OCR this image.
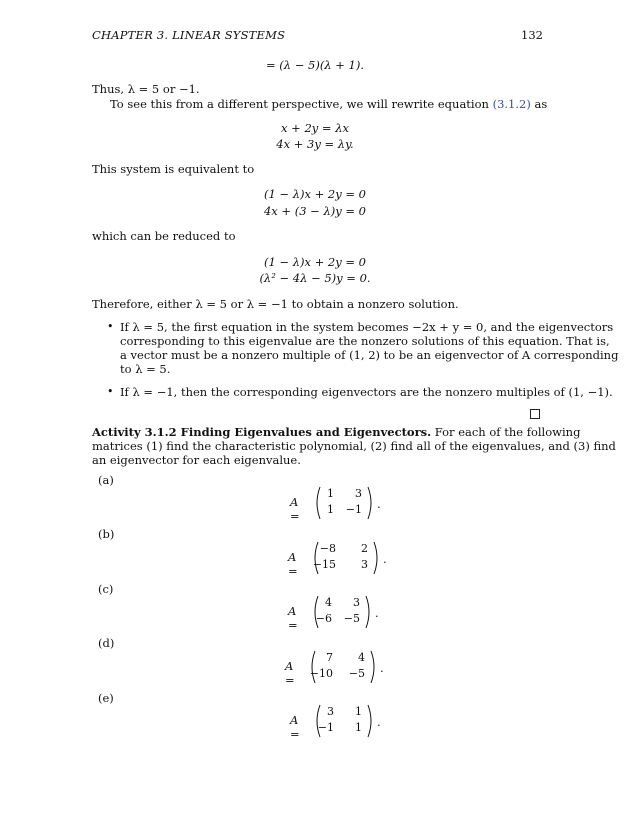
CHAPTER 3. LINEAR SYSTEMS	132
= (λ − 5)(λ + 1).
Thus, λ = 5 or −1.
To see this from a different perspective, we will rewrite equation (3.1.2) as
x + 2y = λx
4x + 3y = λy.
This system is equivalent to
(1 − λ)x + 2y = 0
4x + (3 − λ)y = 0
which can be reduced to
(1 − λ)x + 2y = 0
(λ² − 4λ − 5)y = 0.
Therefore, either λ = 5 or λ = −1 to obtain a nonzero solution.
• If λ = 5, the first equation in the system becomes −2x + y = 0, and the eigenvectors
corresponding to this eigenvalue are the nonzero solutions of this equation. That is,
a vector must be a nonzero multiple of (1, 2) to be an eigenvector of A corresponding
to λ = 5.
• If λ = −1, then the corresponding eigenvectors are the nonzero multiples of (1, −1).
Activity 3.1.2 Finding Eigenvalues and Eigenvectors. For each of the following
matrices (1) find the characteristic polynomial, (2) find all of the eigenvalues, and (3) find
an eigenvector for each eigenvalue.
(a)
(b)
(c)
(d)
(e)
A =
1	3
1	−1 .
A =
−8	2
−15	3 .
A =
4	3
−6	−5 .
A =
7	4
−10	−5 .
A =
3	1
−1	1 .
